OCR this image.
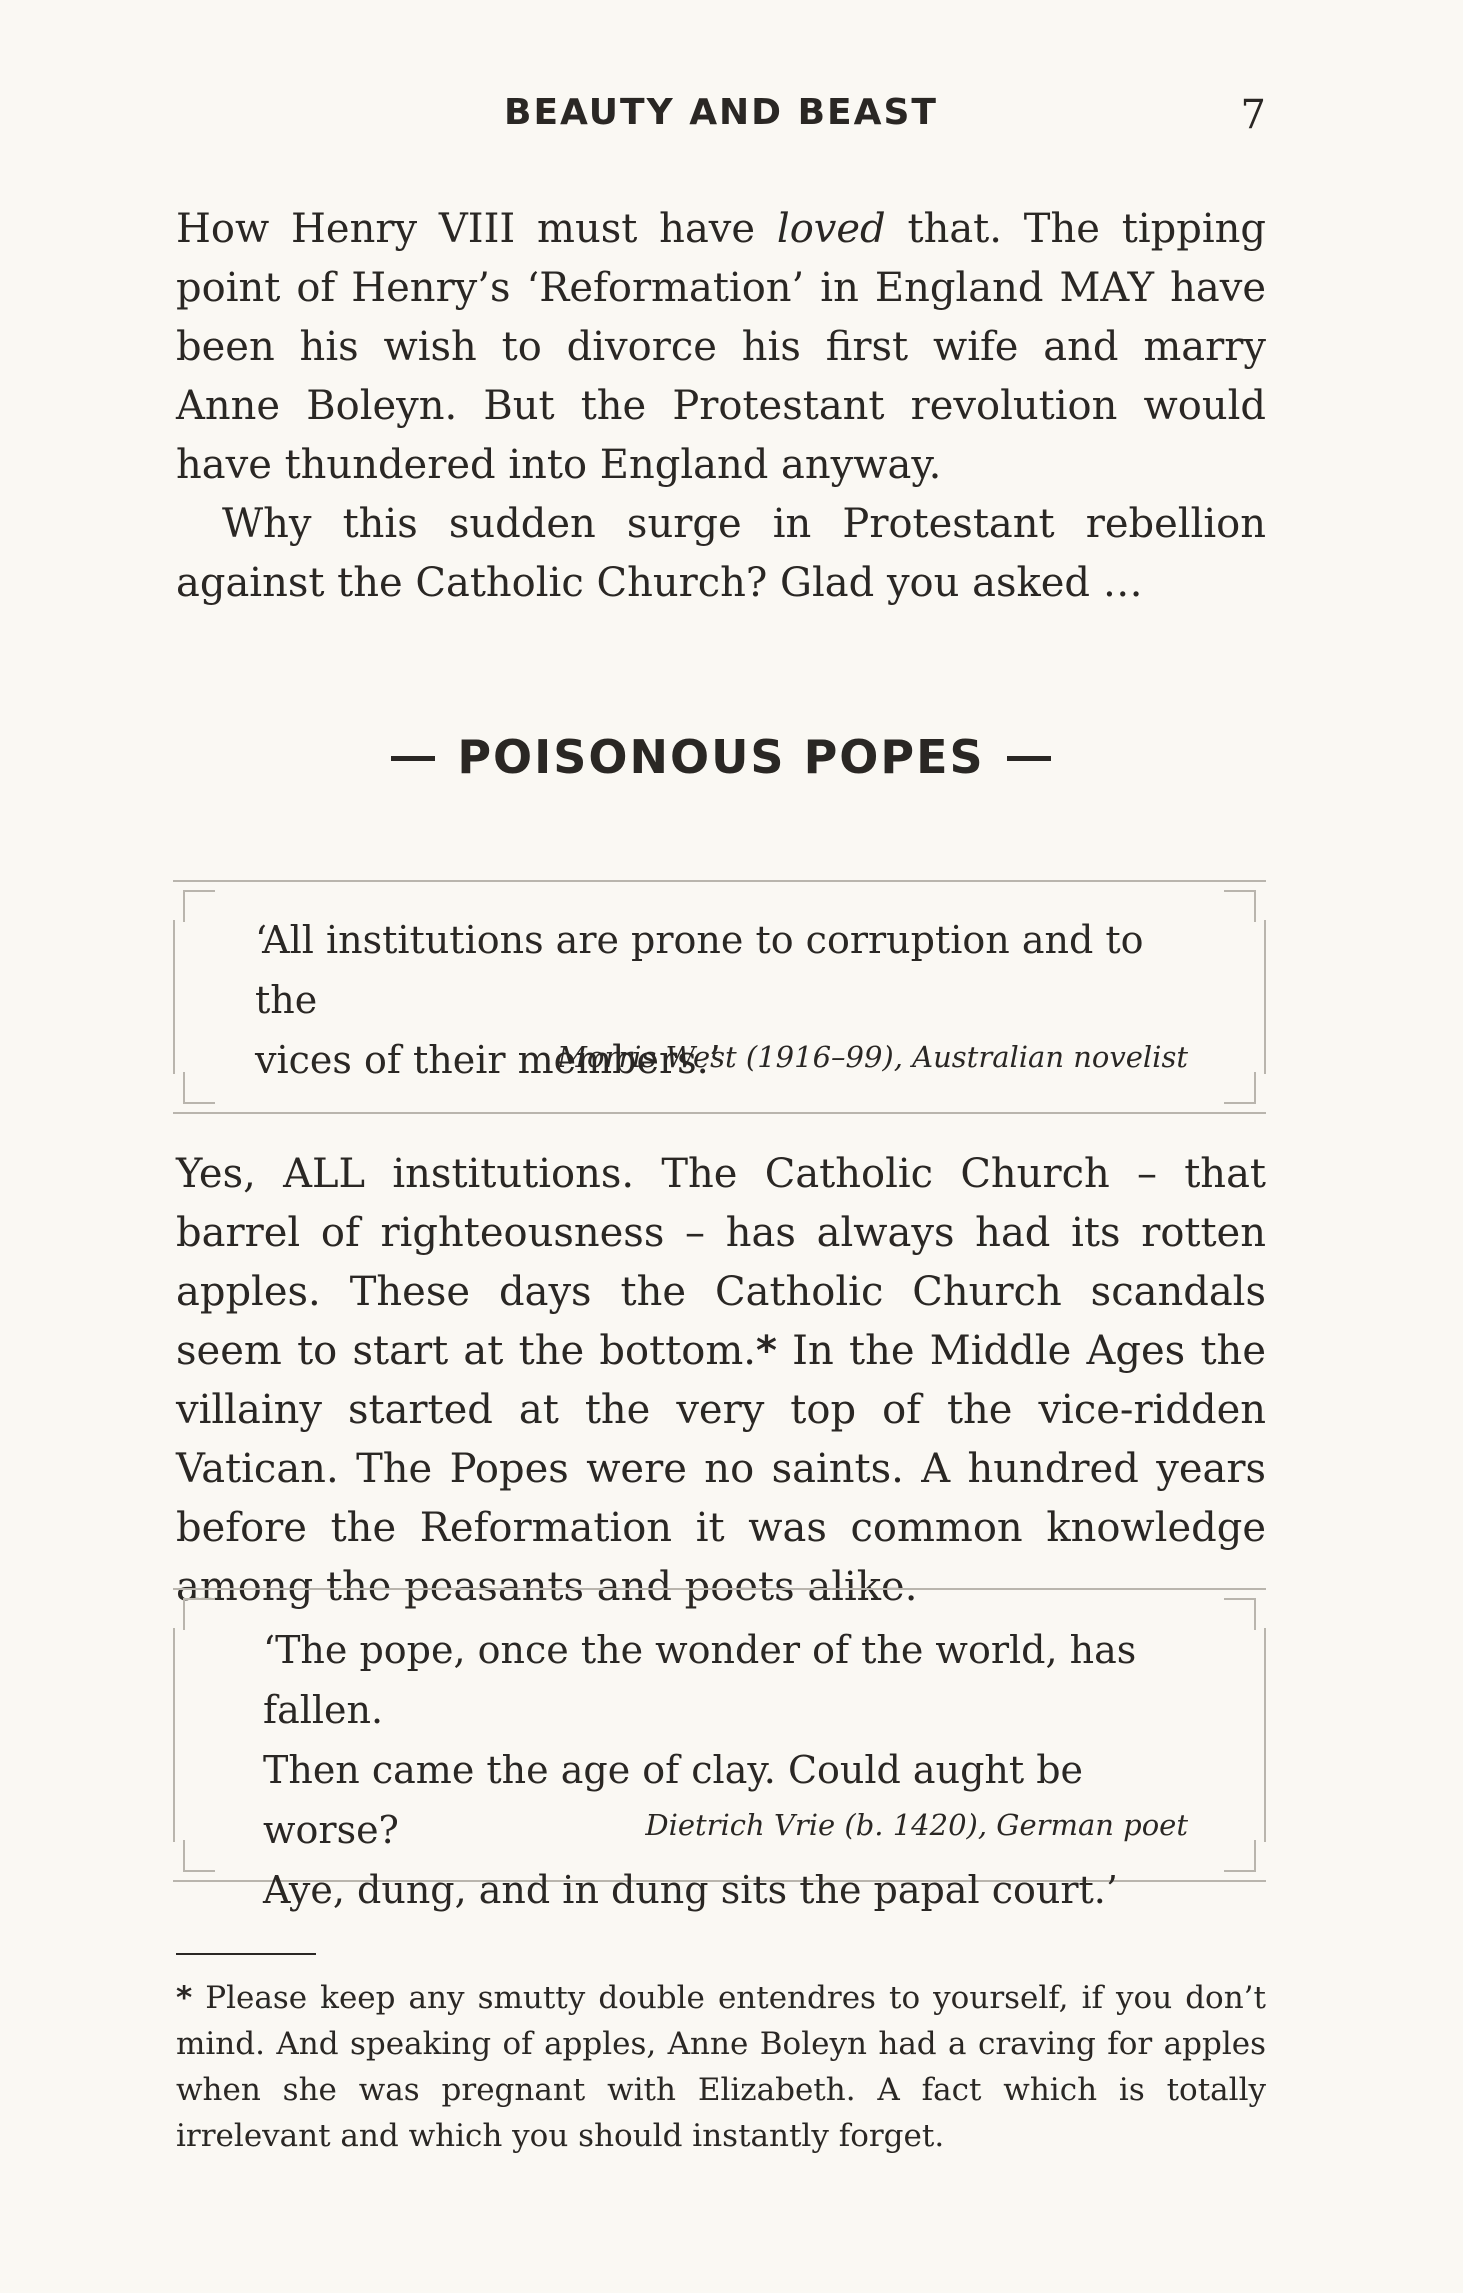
BEAUTY AND BEAST	7

How Henry VIII must have loved that. The tipping point of Henry’s ‘Reformation’ in England MAY have been his wish to divorce his first wife and marry Anne Boleyn. But the Protestant revolution would have thundered into England anyway.

Why this sudden surge in Protestant rebellion against the Catholic Church? Glad you asked …

POISONOUS POPES
‘All institutions are prone to corruption and to the
vices of their members.’
Morris West (1916–99), Australian novelist

Yes, ALL institutions. The Catholic Church – that barrel of righteousness – has always had its rotten apples. These days the Catholic Church scandals seem to start at the bottom.* In the Middle Ages the villainy started at the very top of the vice-ridden Vatican. The Popes were no saints. A hundred years before the Reformation it was common knowledge among the peasants and poets alike.

‘The pope, once the wonder of the world, has fallen.
Then came the age of clay. Could aught be worse?
Aye, dung, and in dung sits the papal court.’
Dietrich Vrie (b. 1420), German poet

* Please keep any smutty double entendres to yourself, if you don’t mind. And speaking of apples, Anne Boleyn had a craving for apples when she was pregnant with Elizabeth. A fact which is totally irrelevant and which you should instantly forget.
